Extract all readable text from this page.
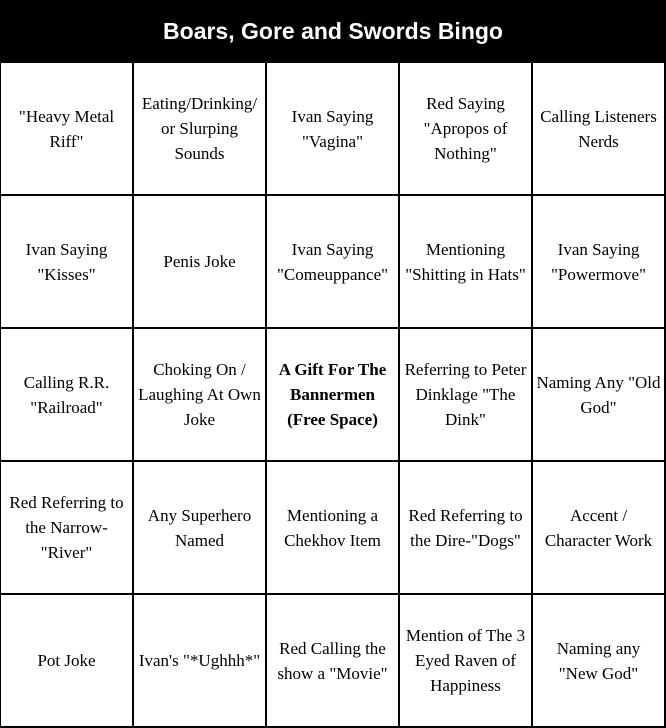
Boars, Gore and Swords Bingo
"Heavy Metal Riff"
Eating/Drinking/ or Slurping Sounds
Ivan Saying "Vagina"
Red Saying "Apropos of Nothing"
Calling Listeners Nerds
Ivan Saying "Kisses"
Penis Joke
Ivan Saying "Comeuppance"
Mentioning "Shitting in Hats"
Ivan Saying "Powermove"
Calling R.R. "Railroad"
Choking On / Laughing At Own Joke
A Gift For The Bannermen (Free Space)
Referring to Peter Dinklage "The Dink"
Naming Any "Old God"
Red Referring to the Narrow-"River"
Any Superhero Named
Mentioning a Chekhov Item
Red Referring to the Dire-"Dogs"
Accent / Character Work
Pot Joke	Ivan's "*Ughhh*"
Red Calling the show a "Movie"
Mention of The 3 Eyed Raven of Happiness
Naming any "New God"
